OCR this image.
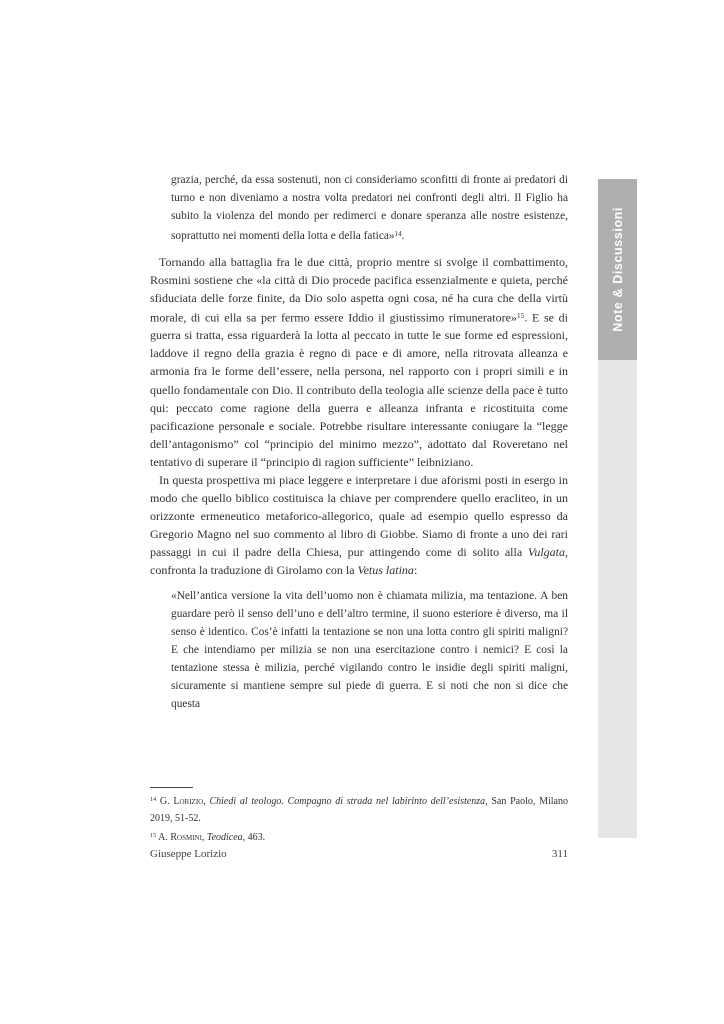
grazia, perché, da essa sostenuti, non ci consideriamo sconfitti di fronte ai predatori di turno e non diveniamo a nostra volta predatori nei confronti degli altri. Il Figlio ha subito la violenza del mondo per redimerci e donare speranza alle nostre esistenze, soprattutto nei momenti della lotta e della fatica»$^{14}$.
Tornando alla battaglia fra le due città, proprio mentre si svolge il combattimento, Rosmini sostiene che «la città di Dio procede pacifica essenzialmente e quieta, perché sfiduciata delle forze finite, da Dio solo aspetta ogni cosa, né ha cura che della virtù morale, di cui ella sa per fermo essere Iddio il giustissimo rimuneratore»$^{15}$. E se di guerra si tratta, essa riguarderà la lotta al peccato in tutte le sue forme ed espressioni, laddove il regno della grazia è regno di pace e di amore, nella ritrovata alleanza e armonia fra le forme dell’essere, nella persona, nel rapporto con i propri simili e in quello fondamentale con Dio. Il contributo della teologia alle scienze della pace è tutto qui: peccato come ragione della guerra e alleanza infranta e ricostituita come pacificazione personale e sociale. Potrebbe risultare interessante coniugare la “legge dell’antagonismo” col “principio del minimo mezzo”, adottato dal Roveretano nel tentativo di superare il “principio di ragion sufficiente” leibniziano.
In questa prospettiva mi piace leggere e interpretare i due aforismi posti in esergo in modo che quello biblico costituisca la chiave per comprendere quello eracliteo, in un orizzonte ermeneutico metaforico-allegorico, quale ad esempio quello espresso da Gregorio Magno nel suo commento al libro di Giobbe. Siamo di fronte a uno dei rari passaggi in cui il padre della Chiesa, pur attingendo come di solito alla Vulgata, confronta la traduzione di Girolamo con la Vetus latina:
«Nell’antica versione la vita dell’uomo non è chiamata milizia, ma tentazione. A ben guardare però il senso dell’uno e dell’altro termine, il suono esteriore è diverso, ma il senso è identico. Cos’è infatti la tentazione se non una lotta contro gli spiriti maligni? E che intendiamo per milizia se non una esercitazione contro i nemici? E così la tentazione stessa è milizia, perché vigilando contro le insidie degli spiriti maligni, sicuramente si mantiene sempre sul piede di guerra. E si noti che non si dice che questa
$^{14}$ G. Lorizio, Chiedi al teologo. Compagno di strada nel labirinto dell’esistenza, San Paolo, Milano 2019, 51-52.
$^{15}$ A. Rosmini, Teodicea, 463.
Giuseppe Lorizio	311
Note & Discussioni
